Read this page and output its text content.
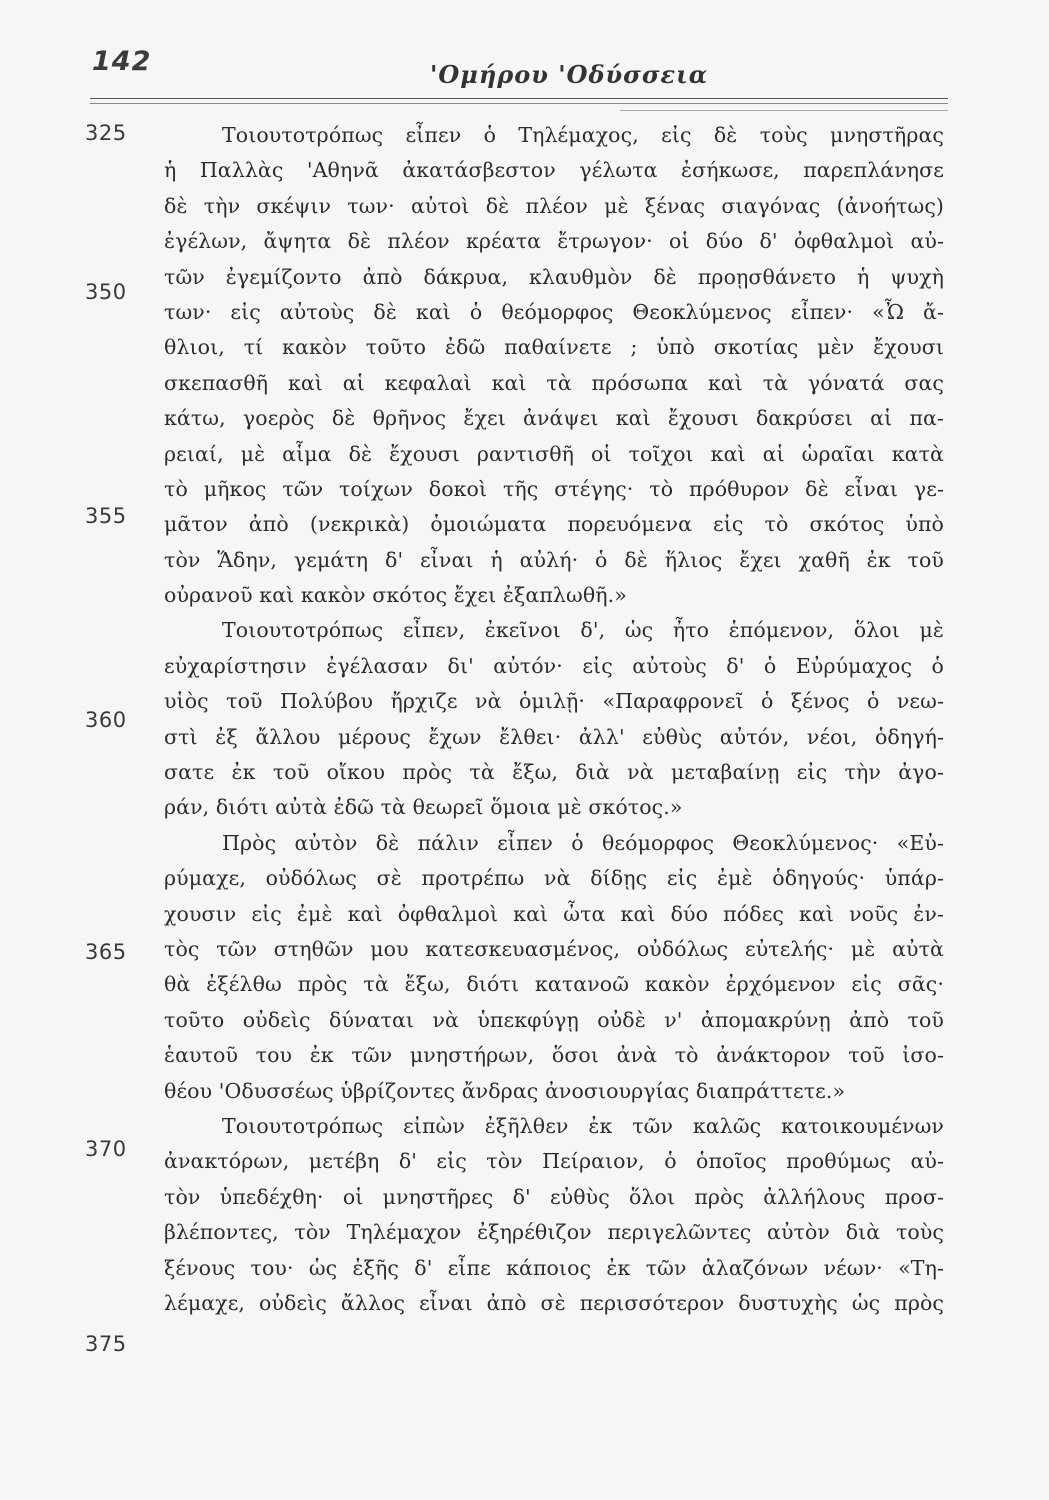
142	'Ομήρου 'Οδύσσεια
325
350
355
360
365
370
375
Τοιουτοτρόπως εἶπεν ὁ Τηλέμαχος, εἰς δὲ τοὺς μνηστῆρας
ἡ Παλλὰς 'Αθηνᾶ ἀκατάσβεστον γέλωτα ἐσήκωσε, παρεπλάνησε
δὲ τὴν σκέψιν των· αὐτοὶ δὲ πλέον μὲ ξένας σιαγόνας (ἀνοήτως)
ἐγέλων, ἄψητα δὲ πλέον κρέατα ἔτρωγον· οἱ δύο δ' ὀφθαλμοὶ αὐ-
τῶν ἐγεμίζοντο ἀπὸ δάκρυα, κλαυθμὸν δὲ προῃσθάνετο ἡ ψυχὴ
των· εἰς αὐτοὺς δὲ καὶ ὁ θεόμορφος Θεοκλύμενος εἶπεν· «Ὦ ἄ-
θλιοι, τί κακὸν τοῦτο ἐδῶ παθαίνετε ; ὑπὸ σκοτίας μὲν ἔχουσι
σκεπασθῆ καὶ αἱ κεφαλαὶ καὶ τὰ πρόσωπα καὶ τὰ γόνατά σας
κάτω, γοερὸς δὲ θρῆνος ἔχει ἀνάψει καὶ ἔχουσι δακρύσει αἱ πα-
ρειαί, μὲ αἷμα δὲ ἔχουσι ραντισθῆ οἱ τοῖχοι καὶ αἱ ὡραῖαι κατὰ
τὸ μῆκος τῶν τοίχων δοκοὶ τῆς στέγης· τὸ πρόθυρον δὲ εἶναι γε-
μᾶτον ἀπὸ (νεκρικὰ) ὁμοιώματα πορευόμενα εἰς τὸ σκότος ὑπὸ
τὸν Ἅδην, γεμάτη δ' εἶναι ἡ αὐλή· ὁ δὲ ἥλιος ἔχει χαθῆ ἐκ τοῦ
οὐρανοῦ καὶ κακὸν σκότος ἔχει ἐξαπλωθῆ.»
Τοιουτοτρόπως εἶπεν, ἐκεῖνοι δ', ὡς ἦτο ἑπόμενον, ὅλοι μὲ
εὐχαρίστησιν ἐγέλασαν δι' αὐτόν· εἰς αὐτοὺς δ' ὁ Εὐρύμαχος ὁ
υἱὸς τοῦ Πολύβου ἤρχιζε νὰ ὁμιλῇ· «Παραφρονεῖ ὁ ξένος ὁ νεω-
στὶ ἐξ ἄλλου μέρους ἔχων ἔλθει· ἀλλ' εὐθὺς αὐτόν, νέοι, ὁδηγή-
σατε ἐκ τοῦ οἴκου πρὸς τὰ ἔξω, διὰ νὰ μεταβαίνῃ εἰς τὴν ἀγο-
ράν, διότι αὐτὰ ἐδῶ τὰ θεωρεῖ ὅμοια μὲ σκότος.»
Πρὸς αὐτὸν δὲ πάλιν εἶπεν ὁ θεόμορφος Θεοκλύμενος· «Εὐ-
ρύμαχε, οὐδόλως σὲ προτρέπω νὰ δίδῃς εἰς ἐμὲ ὁδηγούς· ὑπάρ-
χουσιν εἰς ἐμὲ καὶ ὀφθαλμοὶ καὶ ὦτα καὶ δύο πόδες καὶ νοῦς ἐν-
τὸς τῶν στηθῶν μου κατεσκευασμένος, οὐδόλως εὐτελής· μὲ αὐτὰ
θὰ ἐξέλθω πρὸς τὰ ἔξω, διότι κατανοῶ κακὸν ἐρχόμενον εἰς σᾶς·
τοῦτο οὐδεὶς δύναται νὰ ὑπεκφύγῃ οὐδὲ ν' ἀπομακρύνῃ ἀπὸ τοῦ
ἑαυτοῦ του ἐκ τῶν μνηστήρων, ὅσοι ἀνὰ τὸ ἀνάκτορον τοῦ ἰσο-
θέου 'Οδυσσέως ὑβρίζοντες ἄνδρας ἀνοσιουργίας διαπράττετε.»
Τοιουτοτρόπως εἰπὼν ἐξῆλθεν ἐκ τῶν καλῶς κατοικουμένων
ἀνακτόρων, μετέβη δ' εἰς τὸν Πείραιον, ὁ ὁποῖος προθύμως αὐ-
τὸν ὑπεδέχθη· οἱ μνηστῆρες δ' εὐθὺς ὅλοι πρὸς ἀλλήλους προσ-
βλέποντες, τὸν Τηλέμαχον ἐξηρέθιζον περιγελῶντες αὐτὸν διὰ τοὺς
ξένους του· ὡς ἑξῆς δ' εἶπε κάποιος ἐκ τῶν ἀλαζόνων νέων· «Τη-
λέμαχε, οὐδεὶς ἄλλος εἶναι ἀπὸ σὲ περισσότερον δυστυχὴς ὡς πρὸς
